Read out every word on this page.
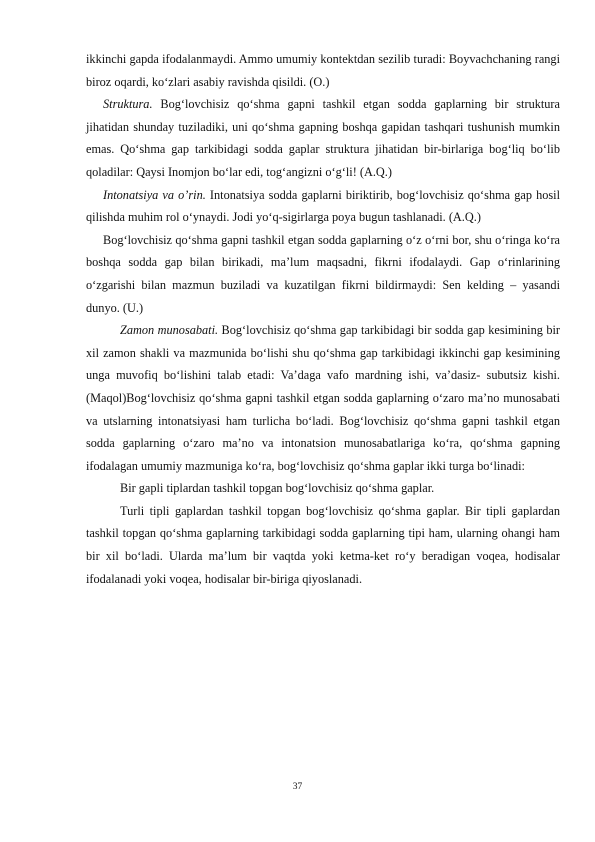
ikkinchi gapda ifodalanmaydi. Ammo umumiy kontektdan sezilib turadi: Boyvachchaning rangi biroz oqardi, ko‘zlari asabiy ravishda qisildi. (O.)

Struktura. Bog‘lovchisiz qo‘shma gapni tashkil etgan sodda gaplarning bir struktura jihatidan shunday tuziladiki, uni qo‘shma gapning boshqa gapidan tashqari tushunish mumkin emas. Qo‘shma gap tarkibidagi sodda gaplar struktura jihatidan bir-birlariga bog‘liq bo‘lib qoladilar: Qaysi Inomjon bo‘lar edi, tog‘angizni o‘g‘li! (A.Q.)

Intonatsiya va o’rin. Intonatsiya sodda gaplarni biriktirib, bog‘lovchisiz qo‘shma gap hosil qilishda muhim rol o‘ynaydi. Jodi yo‘q-sigirlarga poya bugun tashlanadi. (A.Q.)

Bog‘lovchisiz qo‘shma gapni tashkil etgan sodda gaplarning o‘z o‘rni bor, shu o‘ringa ko‘ra boshqa sodda gap bilan birikadi, ma’lum maqsadni, fikrni ifodalaydi. Gap o‘rinlarining o‘zgarishi bilan mazmun buziladi va kuzatilgan fikrni bildirmaydi: Sen kelding – yasandi dunyo. (U.)

Zamon munosabati. Bog‘lovchisiz qo‘shma gap tarkibidagi bir sodda gap kesimining bir xil zamon shakli va mazmunida bo‘lishi shu qo‘shma gap tarkibidagi ikkinchi gap kesimining unga muvofiq bo‘lishini talab etadi: Va’daga vafo mardning ishi, va’dasiz- subutsiz kishi. (Maqol)Bog‘lovchisiz qo‘shma gapni tashkil etgan sodda gaplarning o‘zaro ma’no munosabati va utslarning intonatsiyasi ham turlicha bo‘ladi. Bog‘lovchisiz qo‘shma gapni tashkil etgan sodda gaplarning o‘zaro ma’no va intonatsion munosabatlariga ko‘ra, qo‘shma gapning ifodalagan umumiy mazmuniga ko‘ra, bog‘lovchisiz qo‘shma gaplar ikki turga bo‘linadi:

Bir gapli tiplardan tashkil topgan bog‘lovchisiz qo‘shma gaplar.

Turli tipli gaplardan tashkil topgan bog‘lovchisiz qo‘shma gaplar. Bir tipli gaplardan tashkil topgan qo‘shma gaplarning tarkibidagi sodda gaplarning tipi ham, ularning ohangi ham bir xil bo‘ladi. Ularda ma’lum bir vaqtda yoki ketma-ket ro‘y beradigan voqea, hodisalar ifodalanadi yoki voqea, hodisalar bir-biriga qiyoslanadi.

37
